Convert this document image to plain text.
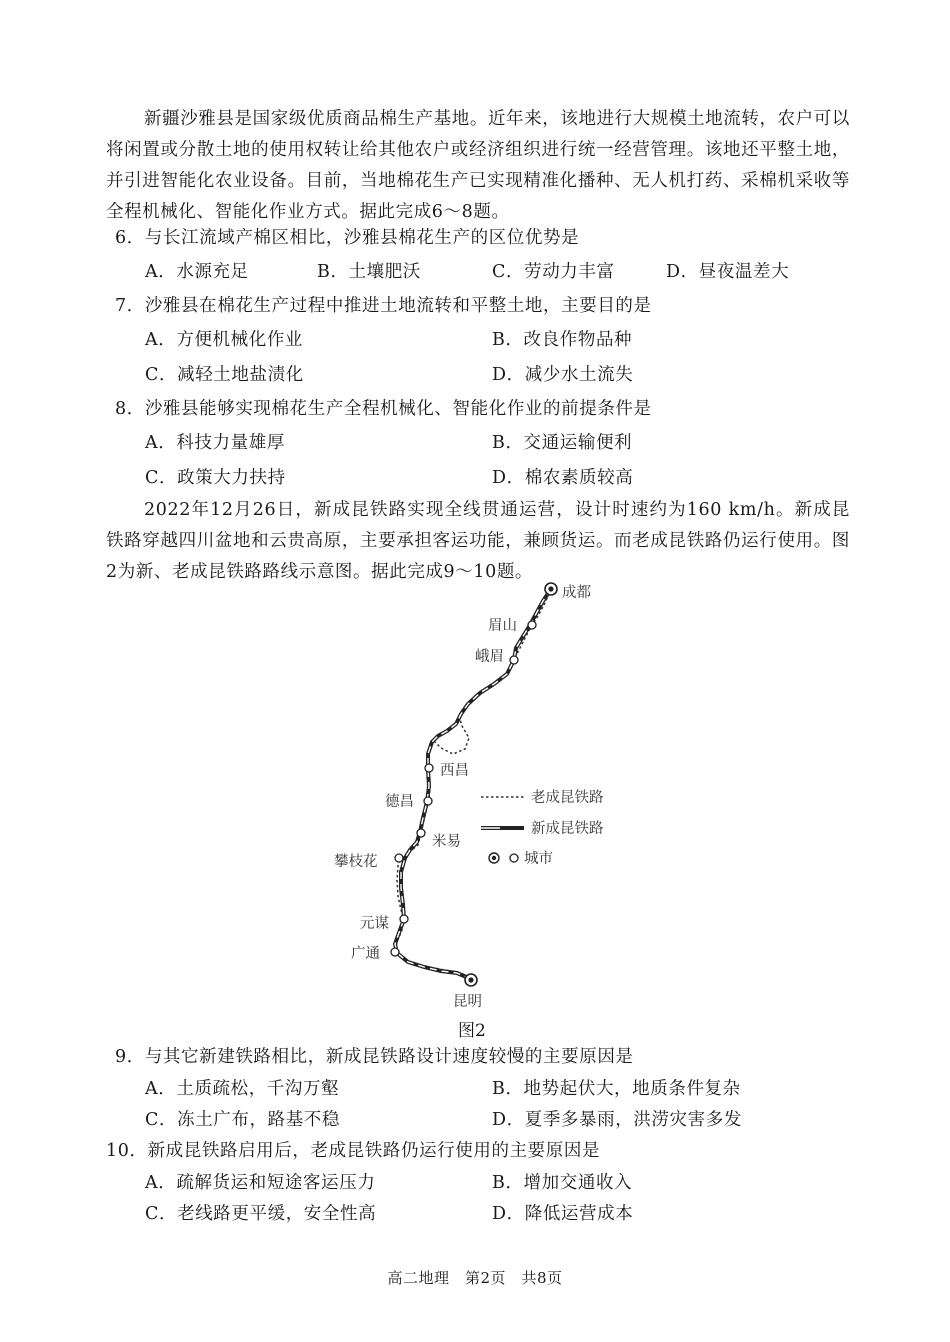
新疆沙雅县是国家级优质商品棉生产基地。近年来，该地进行大规模土地流转，农户可以将闲置或分散土地的使用权转让给其他农户或经济组织进行统一经营管理。该地还平整土地，并引进智能化农业设备。目前，当地棉花生产已实现精准化播种、无人机打药、采棉机采收等全程机械化、智能化作业方式。据此完成6～8题。
6．与长江流域产棉区相比，沙雅县棉花生产的区位优势是
A．水源充足	B．土壤肥沃	C．劳动力丰富	D．昼夜温差大
7．沙雅县在棉花生产过程中推进土地流转和平整土地，主要目的是
A．方便机械化作业	B．改良作物品种
C．减轻土地盐渍化	D．减少水土流失
8．沙雅县能够实现棉花生产全程机械化、智能化作业的前提条件是
A．科技力量雄厚	B．交通运输便利
C．政策大力扶持	D．棉农素质较高
2022年12月26日，新成昆铁路实现全线贯通运营，设计时速约为160 km/h。新成昆铁路穿越四川盆地和云贵高原，主要承担客运功能，兼顾货运。而老成昆铁路仍运行使用。图2为新、老成昆铁路路线示意图。据此完成9～10题。
成都
眉山
峨眉
西昌
德昌
米易
攀枝花
元谋
广通
昆明
老成昆铁路
新成昆铁路
城市
图2
9．与其它新建铁路相比，新成昆铁路设计速度较慢的主要原因是
A．土质疏松，千沟万壑	B．地势起伏大，地质条件复杂
C．冻土广布，路基不稳	D．夏季多暴雨，洪涝灾害多发
10．新成昆铁路启用后，老成昆铁路仍运行使用的主要原因是
A．疏解货运和短途客运压力	B．增加交通收入
C．老线路更平缓，安全性高	D．降低运营成本
高二地理　第2页　共8页
